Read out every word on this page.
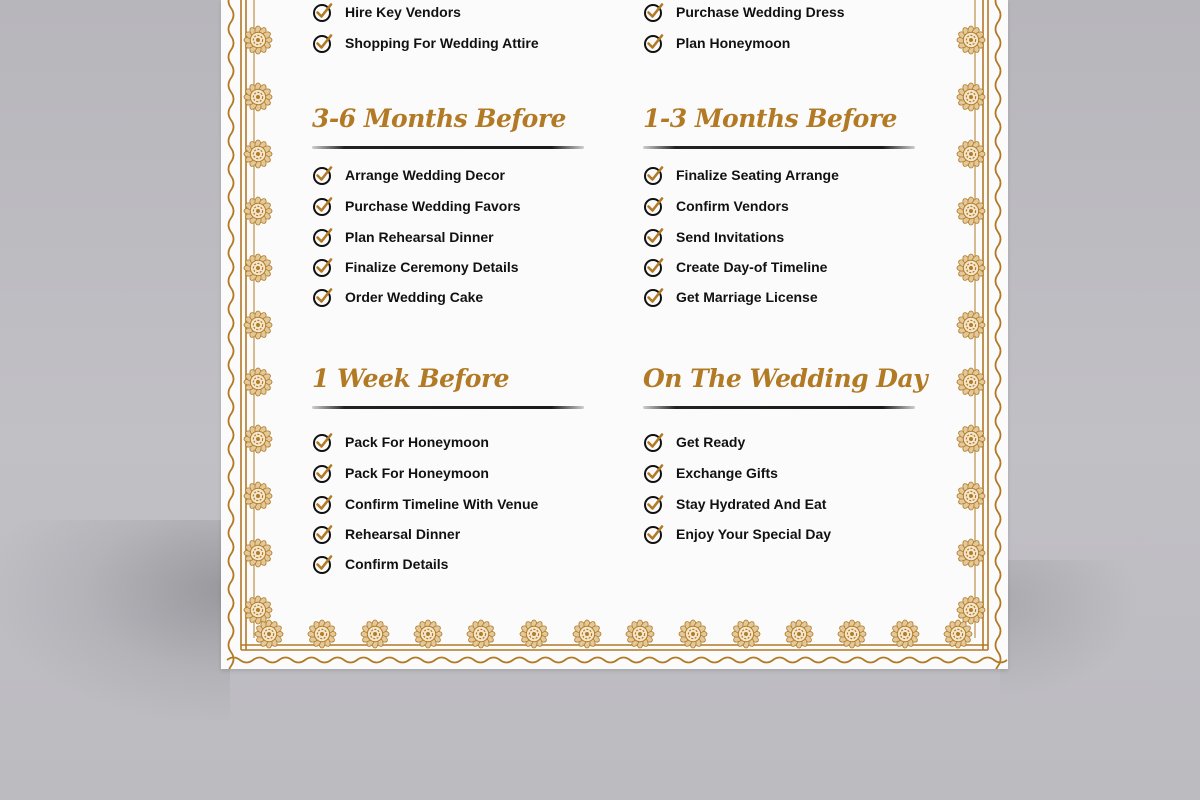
Hire Key Vendors
Shopping For Wedding Attire
Purchase Wedding Dress
Plan Honeymoon
3-6 Months Before
Arrange Wedding Decor
Purchase Wedding Favors
Plan Rehearsal Dinner
Finalize Ceremony Details
Order Wedding Cake
1-3 Months Before
Finalize Seating Arrange
Confirm Vendors
Send Invitations
Create Day-of Timeline
Get Marriage License
1 Week Before
Pack For Honeymoon
Pack For Honeymoon
Confirm Timeline With Venue
Rehearsal Dinner
Confirm Details
On The Wedding Day
Get Ready
Exchange Gifts
Stay Hydrated And Eat
Enjoy Your Special Day
